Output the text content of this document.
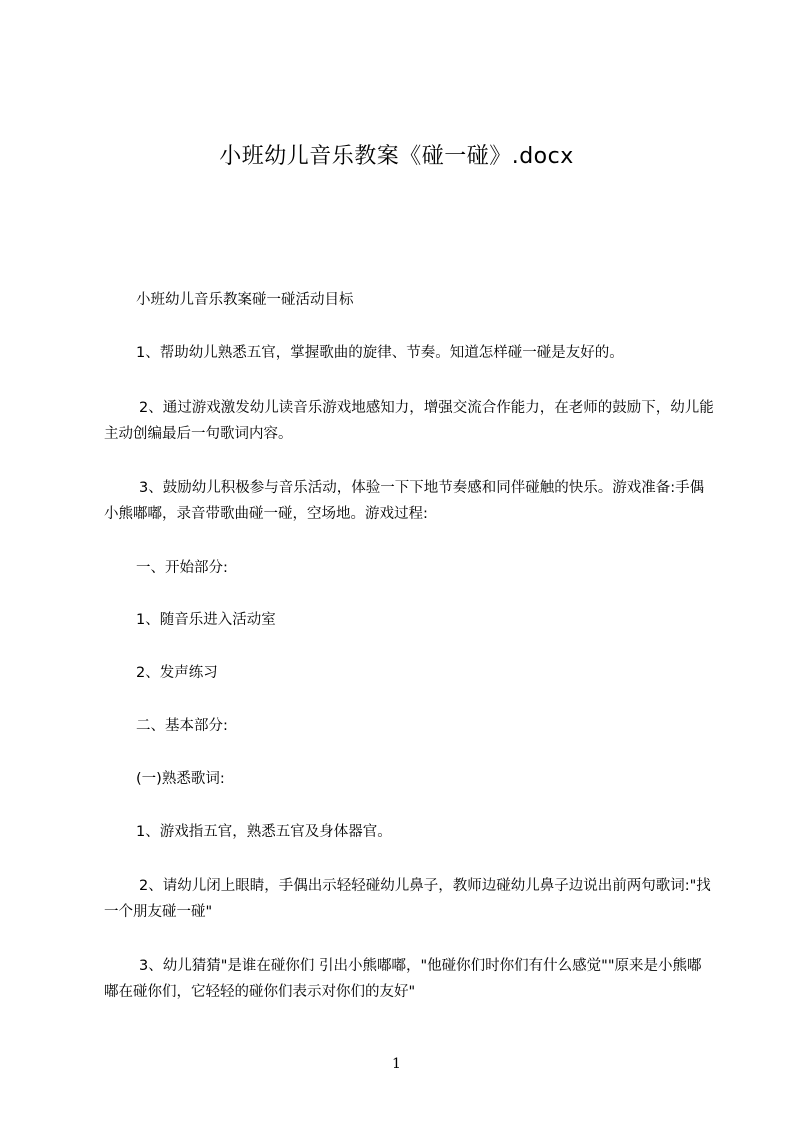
小班幼儿音乐教案《碰一碰》.docx

小班幼儿音乐教案碰一碰活动目标

1、帮助幼儿熟悉五官，掌握歌曲的旋律、节奏。知道怎样碰一碰是友好的。

2、通过游戏激发幼儿读音乐游戏地感知力，增强交流合作能力，在老师的鼓励下，幼儿能主动创编最后一句歌词内容。

3、鼓励幼儿积极参与音乐活动，体验一下下地节奏感和同伴碰触的快乐。游戏准备:手偶小熊嘟嘟，录音带歌曲碰一碰，空场地。游戏过程:

一、开始部分:

1、随音乐进入活动室

2、发声练习

二、基本部分:

(一)熟悉歌词:

1、游戏指五官，熟悉五官及身体器官。

2、请幼儿闭上眼睛，手偶出示轻轻碰幼儿鼻子，教师边碰幼儿鼻子边说出前两句歌词:"找一个朋友碰一碰"

3、幼儿猜猜"是谁在碰你们 引出小熊嘟嘟，"他碰你们时你们有什么感觉""原来是小熊嘟嘟在碰你们，它轻轻的碰你们表示对你们的友好"

1
